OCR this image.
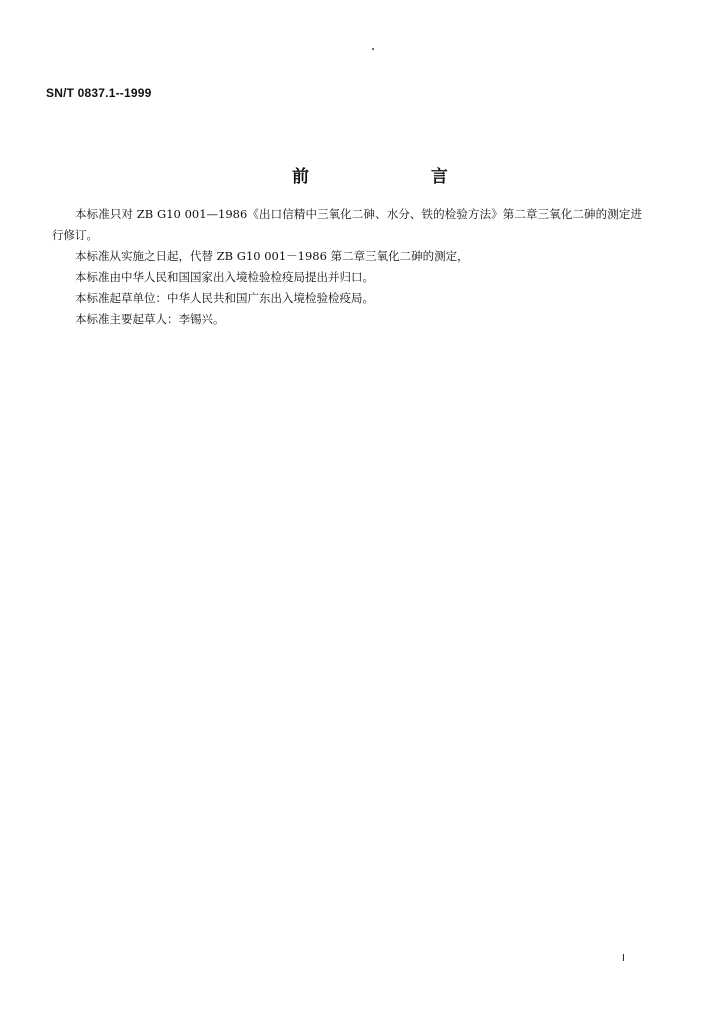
SN/T 0837.1--1999
前 言

本标准只对 ZB G10 001—1986《出口信精中三氧化二砷、水分、铁的检验方法》第二章三氧化二砷的测定进行修订。

本标准从实施之日起，代替 ZB G10 001－1986 第二章三氧化二砷的测定，

本标准由中华人民和国国家出入境检验检疫局提出并归口。

本标准起草单位：中华人民共和国广东出入境检验检疫局。

本标准主要起草人：李锡兴。

I
